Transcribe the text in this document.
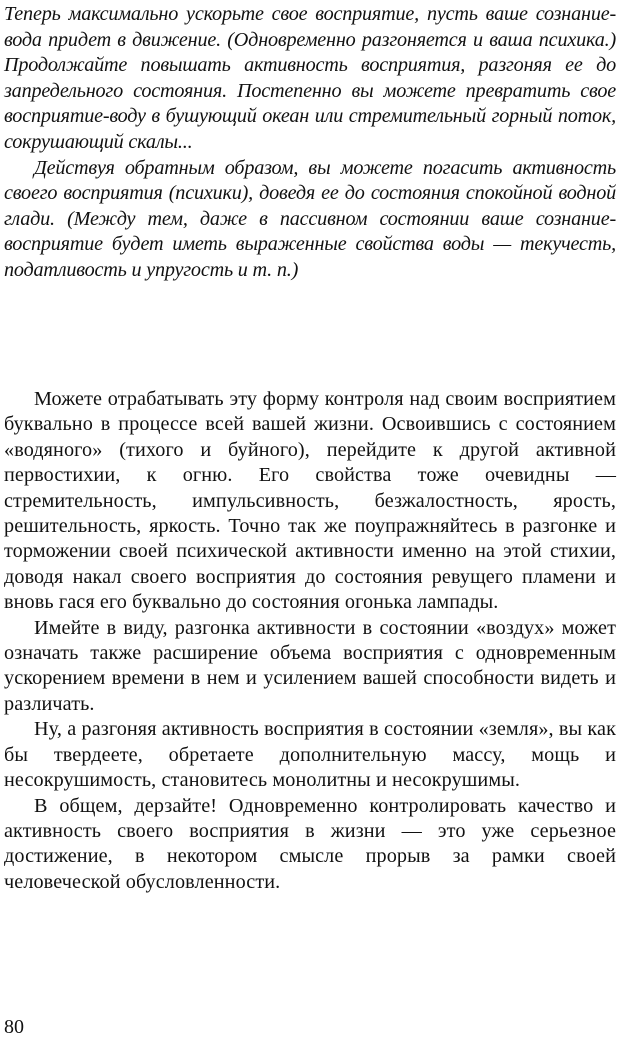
Теперь максимально ускорьте свое восприятие, пусть ваше сознание-вода придет в движение. (Одновременно разгоняется и ваша психика.) Продолжайте повышать активность восприятия, разгоняя ее до запредельного состояния. Постепенно вы можете превратить свое восприятие-воду в бушующий океан или стремительный горный поток, сокрушающий скалы...

Действуя обратным образом, вы можете погасить активность своего восприятия (психики), доведя ее до состояния спокойной водной глади. (Между тем, даже в пассивном состоянии ваше сознание-восприятие будет иметь выраженные свойства воды — текучесть, податливость и упругость и т. п.)

Можете отрабатывать эту форму контроля над своим восприятием буквально в процессе всей вашей жизни. Освоившись с состоянием «водяного» (тихого и буйного), перейдите к другой активной первостихии, к огню. Его свойства тоже очевидны — стремительность, импульсивность, безжалостность, ярость, решительность, яркость. Точно так же поупражняйтесь в разгонке и торможении своей психической активности именно на этой стихии, доводя накал своего восприятия до состояния ревущего пламени и вновь гася его буквально до состояния огонька лампады.

Имейте в виду, разгонка активности в состоянии «воздух» может означать также расширение объема восприятия с одновременным ускорением времени в нем и усилением вашей способности видеть и различать.

Ну, а разгоняя активность восприятия в состоянии «земля», вы как бы твердеете, обретаете дополнительную массу, мощь и несокрушимость, становитесь монолитны и несокрушимы.

В общем, дерзайте! Одновременно контролировать качество и активность своего восприятия в жизни — это уже серьезное достижение, в некотором смысле прорыв за рамки своей человеческой обусловленности.

80
